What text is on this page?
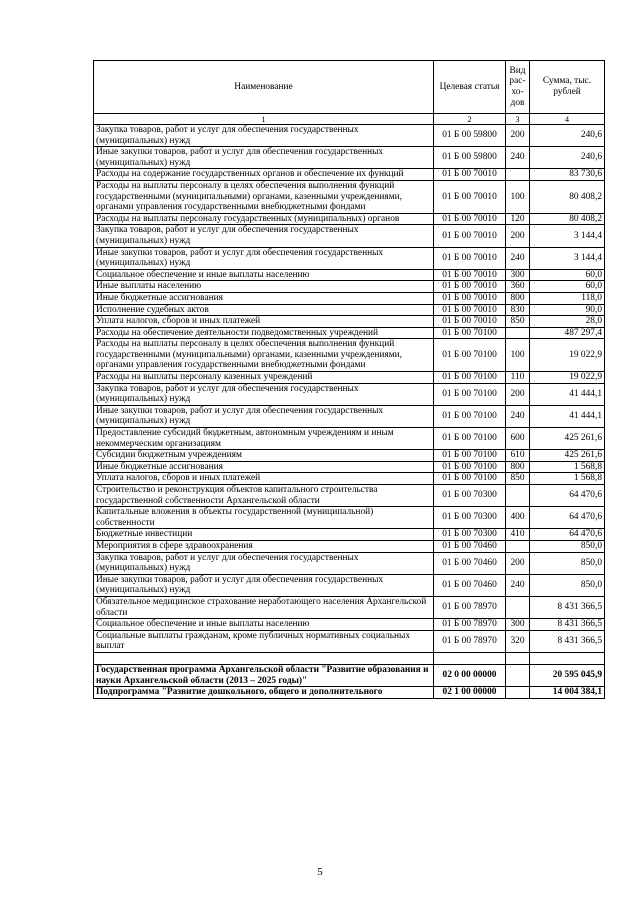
Наименование	Целевая статья	Вид рас-хо-дов	Сумма, тыс. рублей
1	2	3	4
Закупка товаров, работ и услуг для обеспечения государственных (муниципальных) нужд	01 Б 00 59800	200	240,6
Иные закупки товаров, работ и услуг для обеспечения государственных (муниципальных) нужд	01 Б 00 59800	240	240,6
Расходы на содержание государственных органов и обеспечение их функций	01 Б 00 70010		83 730,6
Расходы на выплаты персоналу в целях обеспечения выполнения функций государственными (муниципальными) органами, казенными учреждениями, органами управления государственными внебюджетными фондами	01 Б 00 70010	100	80 408,2
Расходы на выплаты персоналу государственных (муниципальных) органов	01 Б 00 70010	120	80 408,2
Закупка товаров, работ и услуг для обеспечения государственных (муниципальных) нужд	01 Б 00 70010	200	3 144,4
Иные закупки товаров, работ и услуг для обеспечения государственных (муниципальных) нужд	01 Б 00 70010	240	3 144,4
Социальное обеспечение и иные выплаты населению	01 Б 00 70010	300	60,0
Иные выплаты населению	01 Б 00 70010	360	60,0
Иные бюджетные ассигнования	01 Б 00 70010	800	118,0
Исполнение судебных актов	01 Б 00 70010	830	90,0
Уплата налогов, сборов и иных платежей	01 Б 00 70010	850	28,0
Расходы на обеспечение деятельности подведомственных учреждений	01 Б 00 70100		487 297,4
Расходы на выплаты персоналу в целях обеспечения выполнения функций государственными (муниципальными) органами, казенными учреждениями, органами управления государственными внебюджетными фондами	01 Б 00 70100	100	19 022,9
Расходы на выплаты персоналу казенных учреждений	01 Б 00 70100	110	19 022,9
Закупка товаров, работ и услуг для обеспечения государственных (муниципальных) нужд	01 Б 00 70100	200	41 444,1
Иные закупки товаров, работ и услуг для обеспечения государственных (муниципальных) нужд	01 Б 00 70100	240	41 444,1
Предоставление субсидий бюджетным, автономным учреждениям и иным некоммерческим организациям	01 Б 00 70100	600	425 261,6
Субсидии бюджетным учреждениям	01 Б 00 70100	610	425 261,6
Иные бюджетные ассигнования	01 Б 00 70100	800	1 568,8
Уплата налогов, сборов и иных платежей	01 Б 00 70100	850	1 568,8
Строительство и реконструкция объектов капитального строительства государственной собственности Архангельской области	01 Б 00 70300		64 470,6
Капитальные вложения в объекты государственной (муниципальной) собственности	01 Б 00 70300	400	64 470,6
Бюджетные инвестиции	01 Б 00 70300	410	64 470,6
Мероприятия в сфере здравоохранения	01 Б 00 70460		850,0
Закупка товаров, работ и услуг для обеспечения государственных (муниципальных) нужд	01 Б 00 70460	200	850,0
Иные закупки товаров, работ и услуг для обеспечения государственных (муниципальных) нужд	01 Б 00 70460	240	850,0
Обязательное медицинское страхование неработающего населения Архангельской области	01 Б 00 78970		8 431 366,5
Социальное обеспечение и иные выплаты населению	01 Б 00 78970	300	8 431 366,5
Социальные выплаты гражданам, кроме публичных нормативных социальных выплат	01 Б 00 78970	320	8 431 366,5

Государственная программа Архангельской области "Развитие образования и науки Архангельской области (2013 – 2025 годы)"	02 0 00 00000		20 595 045,9
Подпрограмма "Развитие дошкольного, общего и дополнительного	02 1 00 00000		14 004 384,1
5
